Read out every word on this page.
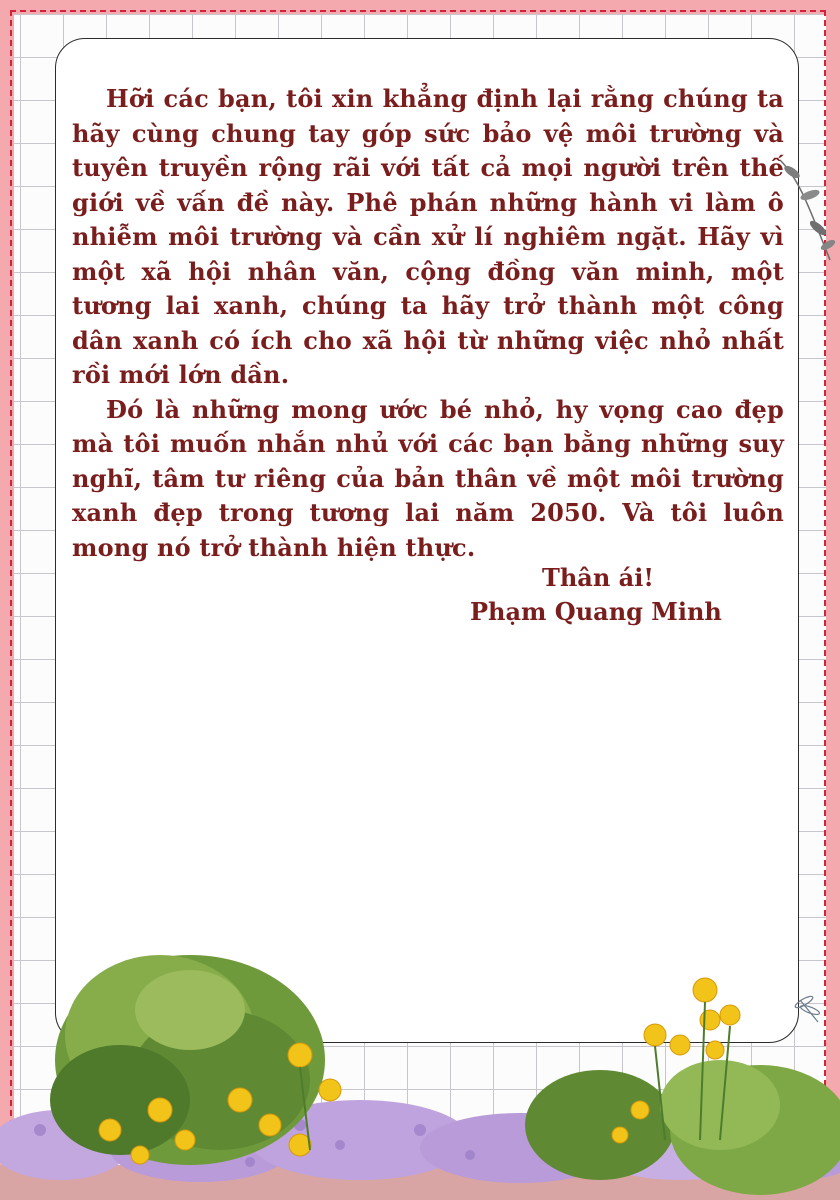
Hỡi các bạn, tôi xin khẳng định lại rằng chúng ta hãy cùng chung tay góp sức bảo vệ môi trường và tuyên truyền rộng rãi với tất cả mọi người trên thế giới về vấn đề này. Phê phán những hành vi làm ô nhiễm môi trường và cần xử lí nghiêm ngặt. Hãy vì một xã hội nhân văn, cộng đồng văn minh, một tương lai xanh, chúng ta hãy trở thành một công dân xanh có ích cho xã hội từ những việc nhỏ nhất rồi mới lớn dần.

Đó là những mong ước bé nhỏ, hy vọng cao đẹp mà tôi muốn nhắn nhủ với các bạn bằng những suy nghĩ, tâm tư riêng của bản thân về một môi trường xanh đẹp trong tương lai năm 2050. Và tôi luôn mong nó trở thành hiện thực.

Thân ái!
Phạm Quang Minh
